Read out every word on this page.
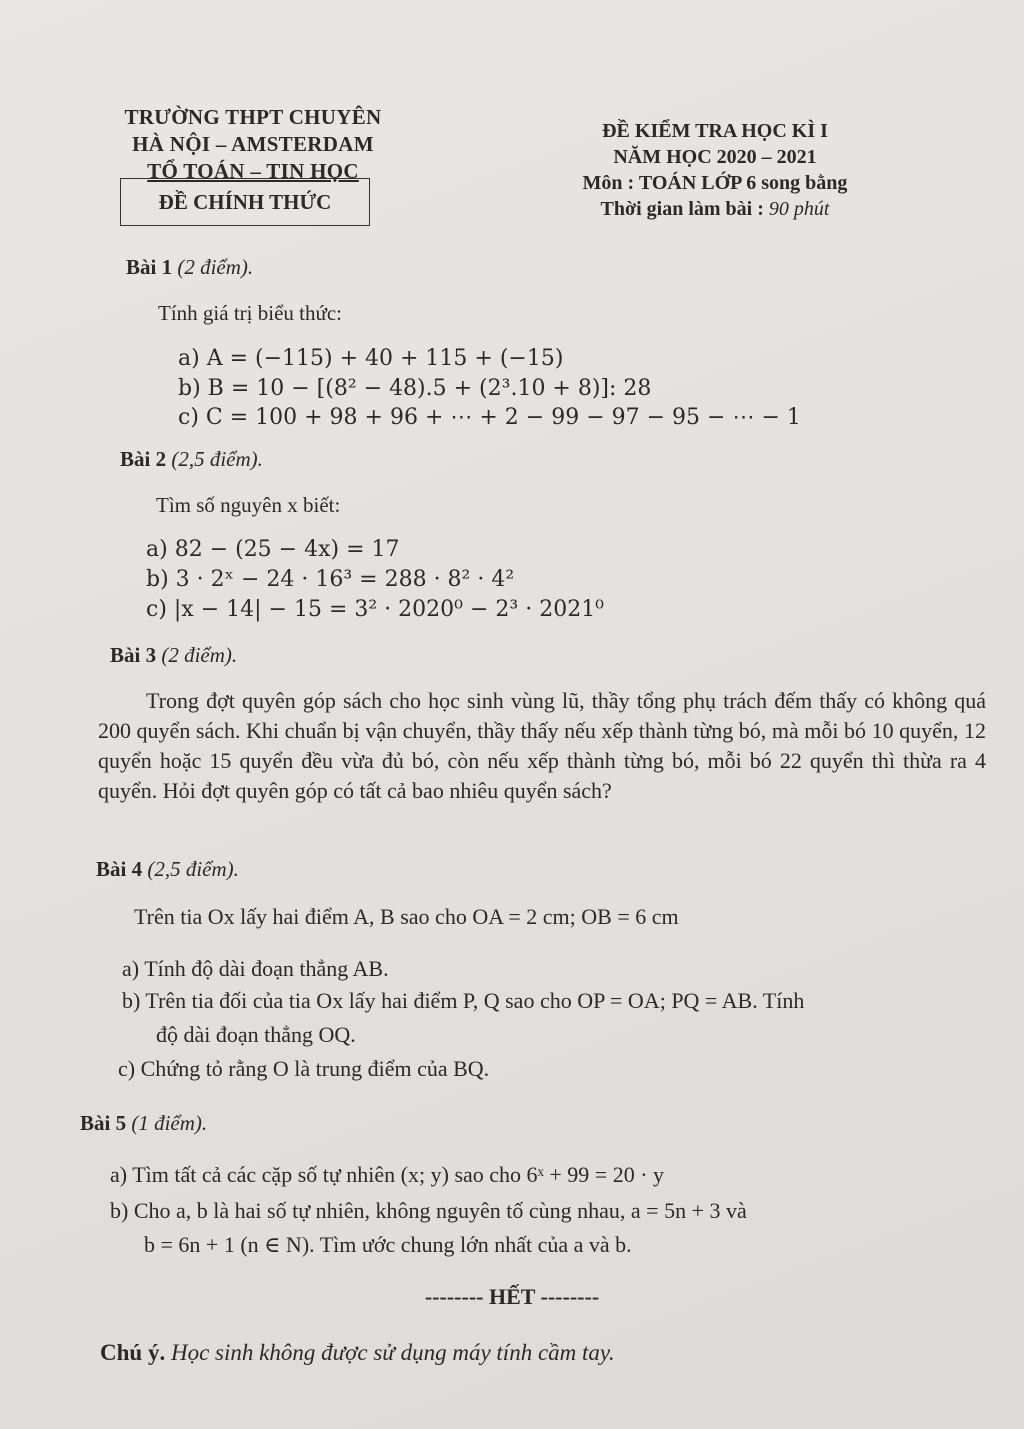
TRƯỜNG THPT CHUYÊN
HÀ NỘI – AMSTERDAM
TỔ TOÁN – TIN HỌC
ĐỀ CHÍNH THỨC
ĐỀ KIỂM TRA HỌC KÌ I
NĂM HỌC 2020 – 2021
Môn : TOÁN LỚP 6 song bằng
Thời gian làm bài : 90 phút
Bài 1 (2 điểm).
Tính giá trị biểu thức:
a) A = (−115) + 40 + 115 + (−15)
b) B = 10 − [(8² − 48).5 + (2³.10 + 8)]: 28
c) C = 100 + 98 + 96 + ⋯ + 2 − 99 − 97 − 95 − ⋯ − 1
Bài 2 (2,5 điểm).
Tìm số nguyên x biết:
a) 82 − (25 − 4x) = 17
b) 3 · 2ˣ − 24 · 16³ = 288 · 8² · 4²
c) |x − 14| − 15 = 3² · 2020⁰ − 2³ · 2021⁰
Bài 3 (2 điểm).
Trong đợt quyên góp sách cho học sinh vùng lũ, thầy tổng phụ trách đếm thấy có không quá 200 quyển sách. Khi chuẩn bị vận chuyển, thầy thấy nếu xếp thành từng bó, mà mỗi bó 10 quyển, 12 quyển hoặc 15 quyển đều vừa đủ bó, còn nếu xếp thành từng bó, mỗi bó 22 quyển thì thừa ra 4 quyển. Hỏi đợt quyên góp có tất cả bao nhiêu quyển sách?
Bài 4 (2,5 điểm).
Trên tia Ox lấy hai điểm A, B sao cho OA = 2 cm; OB = 6 cm
a) Tính độ dài đoạn thẳng AB.
b) Trên tia đối của tia Ox lấy hai điểm P, Q sao cho OP = OA; PQ = AB. Tính
độ dài đoạn thẳng OQ.
c) Chứng tỏ rằng O là trung điểm của BQ.
Bài 5 (1 điểm).
a) Tìm tất cả các cặp số tự nhiên (x; y) sao cho 6ˣ + 99 = 20 · y
b) Cho a, b là hai số tự nhiên, không nguyên tố cùng nhau, a = 5n + 3 và
b = 6n + 1 (n ∈ N). Tìm ước chung lớn nhất của a và b.
-------- HẾT --------
Chú ý. Học sinh không được sử dụng máy tính cầm tay.
